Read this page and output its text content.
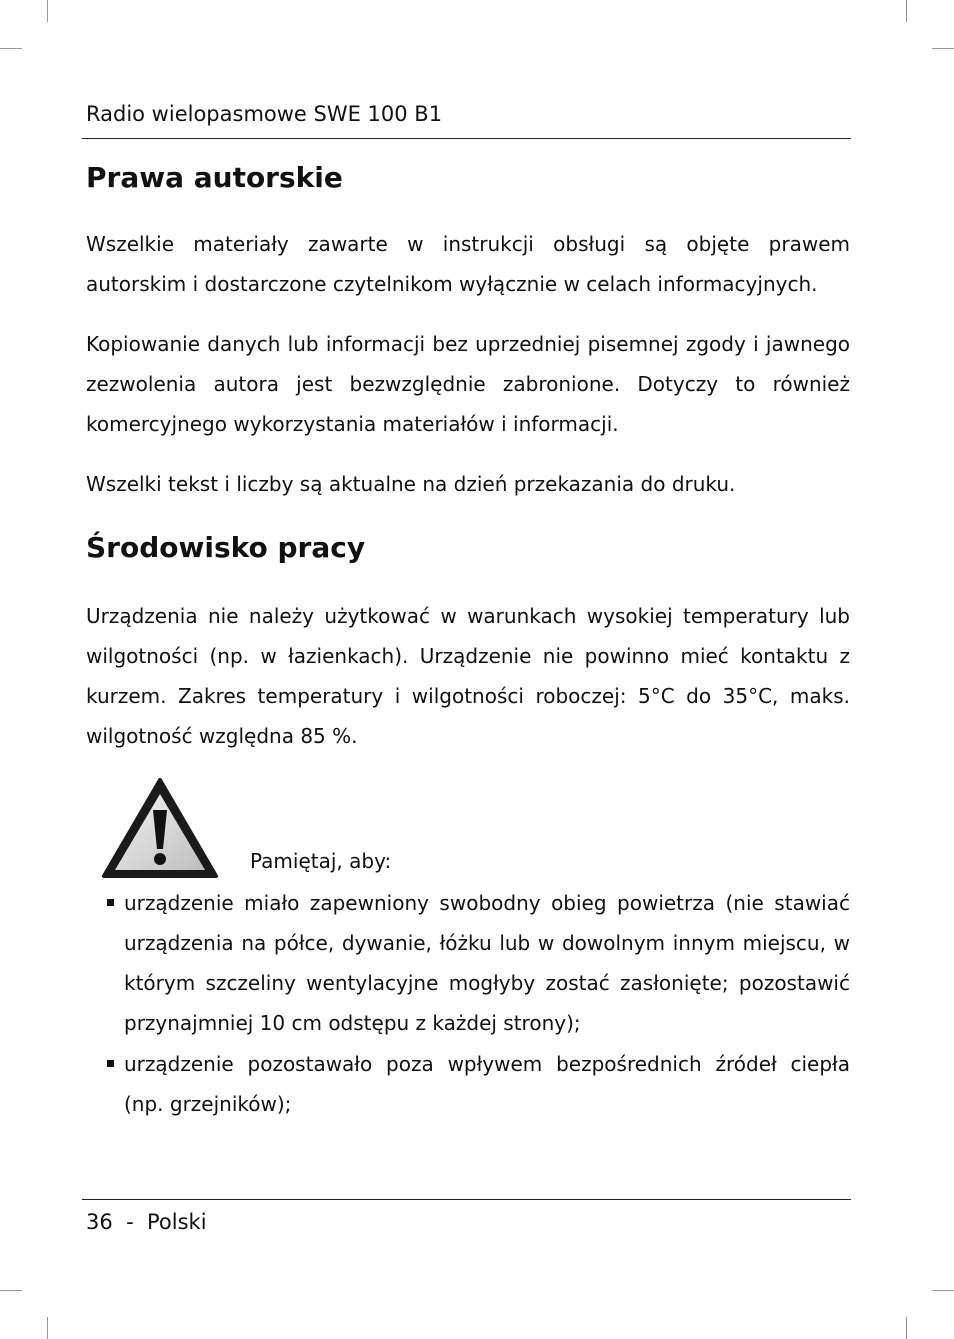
Radio wielopasmowe SWE 100 B1
Prawa autorskie

Wszelkie materiały zawarte w instrukcji obsługi są objęte prawem autorskim i dostarczone czytelnikom wyłącznie w celach informacyjnych.

Kopiowanie danych lub informacji bez uprzedniej pisemnej zgody i jawnego zezwolenia autora jest bezwzględnie zabronione. Dotyczy to również komercyjnego wykorzystania materiałów i informacji.

Wszelki tekst i liczby są aktualne na dzień przekazania do druku.

Środowisko pracy

Urządzenia nie należy użytkować w warunkach wysokiej temperatury lub wilgotności (np. w łazienkach). Urządzenie nie powinno mieć kontaktu z kurzem. Zakres temperatury i wilgotności roboczej: 5°C do 35°C, maks. wilgotność względna 85 %.

Pamiętaj, aby:
urządzenie miało zapewniony swobodny obieg powietrza (nie stawiać urządzenia na półce, dywanie, łóżku lub w dowolnym innym miejscu, w którym szczeliny wentylacyjne mogłyby zostać zasłonięte; pozostawić przynajmniej 10 cm odstępu z każdej strony);
urządzenie pozostawało poza wpływem bezpośrednich źródeł ciepła (np. grzejników);
36  -  Polski
